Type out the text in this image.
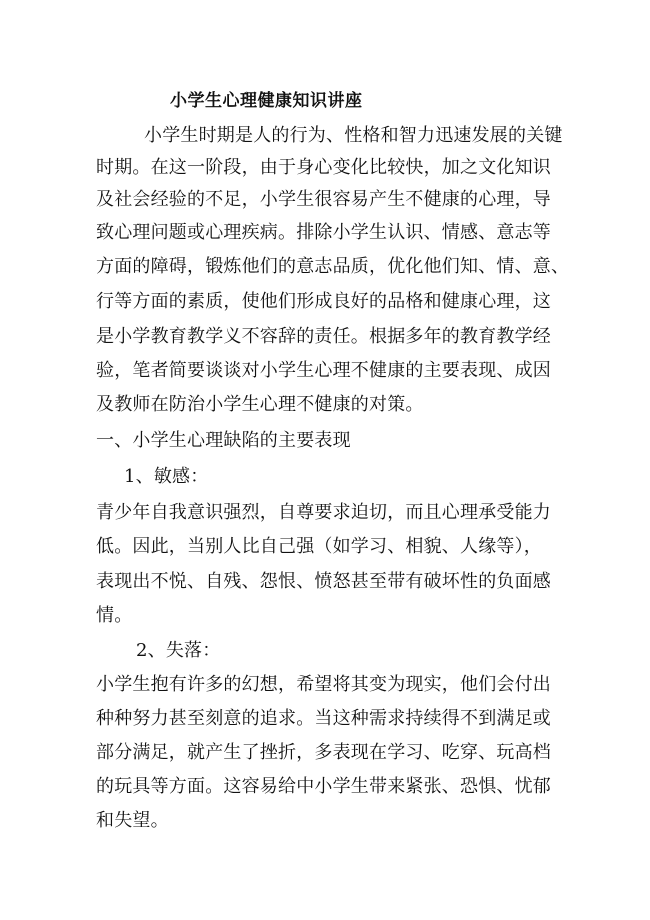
小学生心理健康知识讲座
小学生时期是人的行为、性格和智力迅速发展的关键
时期。在这一阶段，由于身心变化比较快，加之文化知识
及社会经验的不足，小学生很容易产生不健康的心理，导
致心理问题或心理疾病。排除小学生认识、情感、意志等
方面的障碍，锻炼他们的意志品质，优化他们知、情、意、
行等方面的素质，使他们形成良好的品格和健康心理，这
是小学教育教学义不容辞的责任。根据多年的教育教学经
验，笔者简要谈谈对小学生心理不健康的主要表现、成因
及教师在防治小学生心理不健康的对策。
一、小学生心理缺陷的主要表现
1、敏感：
青少年自我意识强烈，自尊要求迫切，而且心理承受能力
低。因此，当别人比自己强（如学习、相貌、人缘等），
表现出不悦、自残、怨恨、愤怒甚至带有破坏性的负面感
情。
2、失落：
小学生抱有许多的幻想，希望将其变为现实，他们会付出
种种努力甚至刻意的追求。当这种需求持续得不到满足或
部分满足，就产生了挫折，多表现在学习、吃穿、玩高档
的玩具等方面。这容易给中小学生带来紧张、恐惧、忧郁
和失望。
